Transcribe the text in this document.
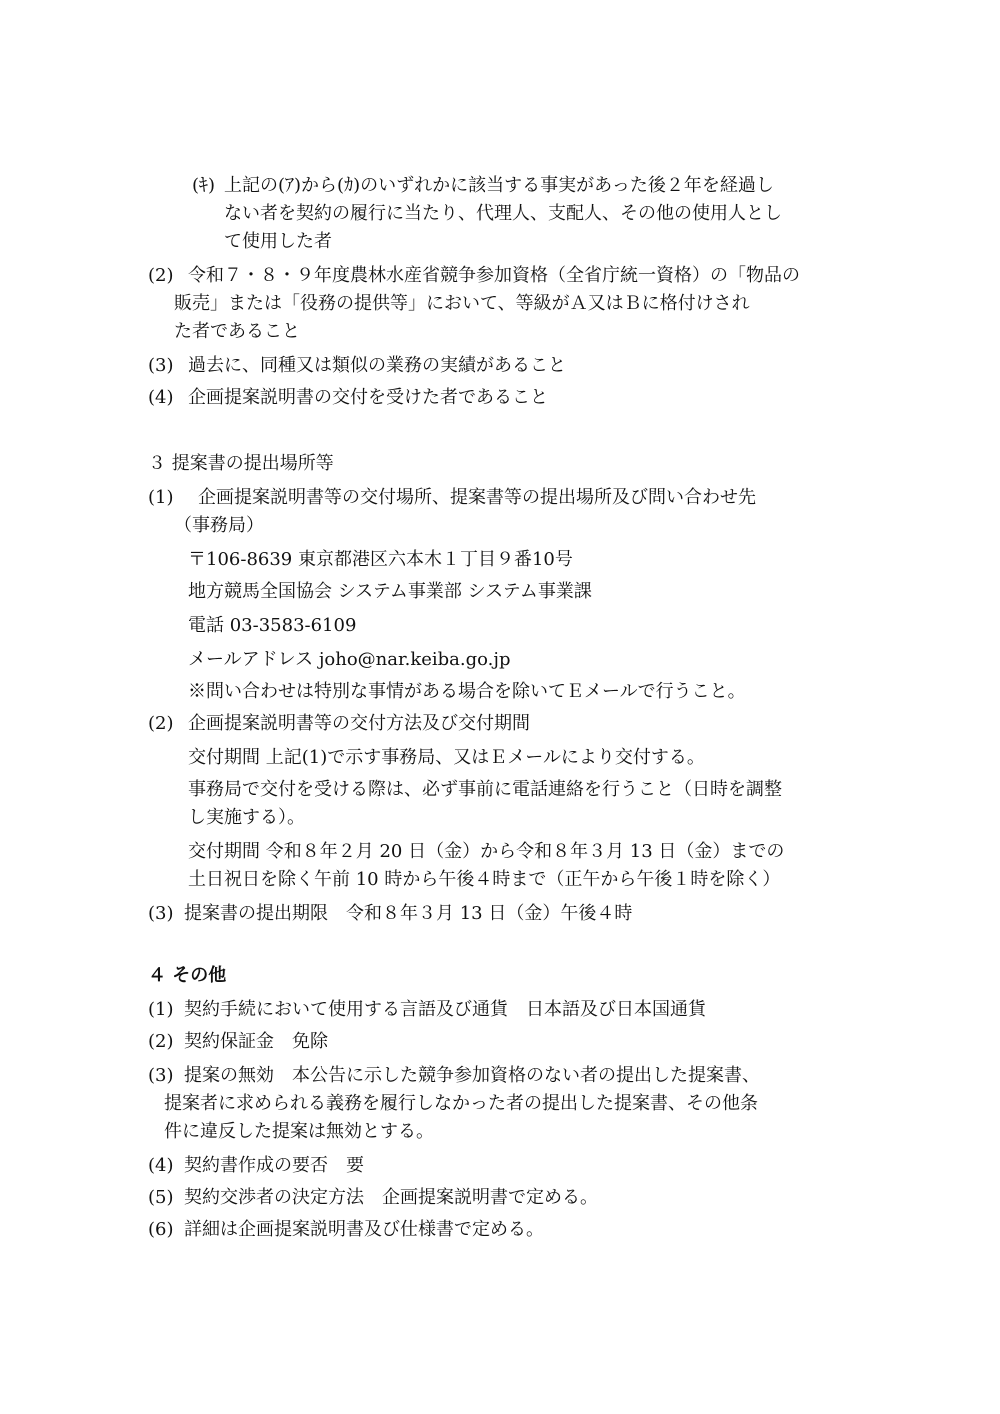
(ｷ) 上記の(ｱ)から(ｶ)のいずれかに該当する事実があった後２年を経過し

ない者を契約の履行に当たり、代理人、支配人、その他の使用人とし

て使用した者

(2) 令和７・８・９年度農林水産省競争参加資格（全省庁統一資格）の「物品の

販売」または「役務の提供等」において、等級がＡ又はＢに格付けされ

た者であること

(3) 過去に、同種又は類似の業務の実績があること

(4) 企画提案説明書の交付を受けた者であること

３ 提案書の提出場所等

(1) 企画提案説明書等の交付場所、提案書等の提出場所及び問い合わせ先

（事務局）

〒106-8639 東京都港区六本木１丁目９番10号

地方競馬全国協会 システム事業部 システム事業課

電話 03-3583-6109

メールアドレス joho@nar.keiba.go.jp

※問い合わせは特別な事情がある場合を除いてＥメールで行うこと。

(2) 企画提案説明書等の交付方法及び交付期間

交付期間 上記(1)で示す事務局、又はＥメールにより交付する。

事務局で交付を受ける際は、必ず事前に電話連絡を行うこと（日時を調整

し実施する）。

交付期間 令和８年２月 20 日（金）から令和８年３月 13 日（金）までの

土日祝日を除く午前 10 時から午後４時まで（正午から午後１時を除く）

(3) 提案書の提出期限　令和８年３月 13 日（金）午後４時

４ その他

(1) 契約手続において使用する言語及び通貨　日本語及び日本国通貨

(2) 契約保証金　免除

(3) 提案の無効　本公告に示した競争参加資格のない者の提出した提案書、

提案者に求められる義務を履行しなかった者の提出した提案書、その他条

件に違反した提案は無効とする。

(4) 契約書作成の要否　要

(5) 契約交渉者の決定方法　企画提案説明書で定める。

(6) 詳細は企画提案説明書及び仕様書で定める。
